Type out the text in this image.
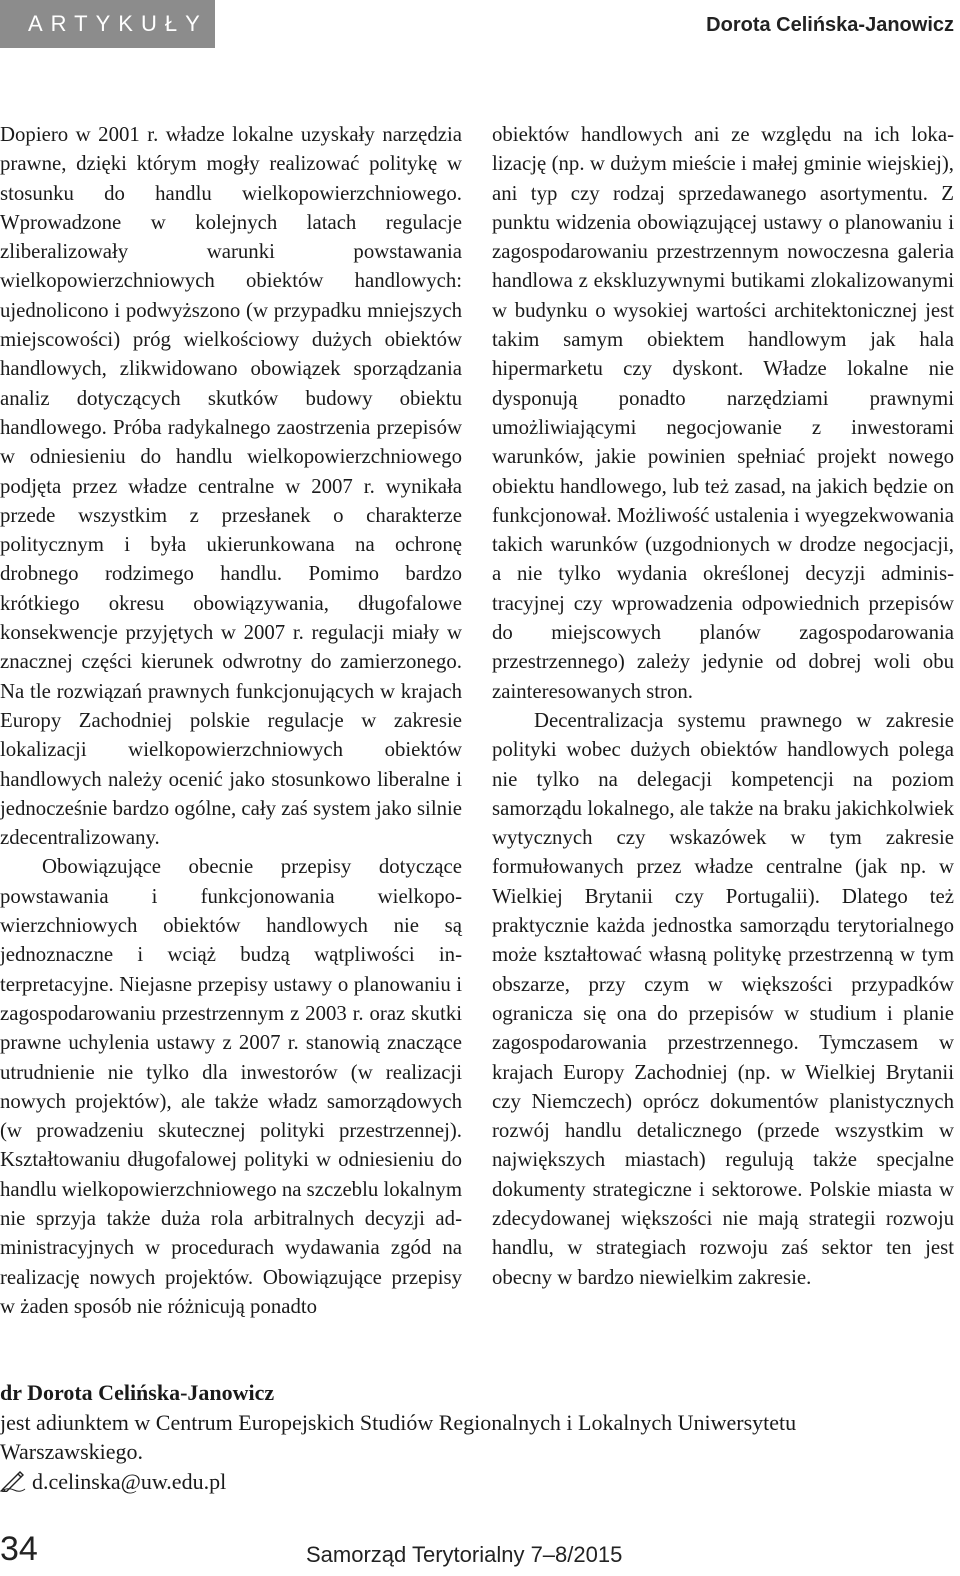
ARTYKUŁY	Dorota Celińska-Janowicz

Dopiero w 2001 r. władze lokalne uzyskały narzędzia prawne, dzięki którym mogły realizować politykę w stosunku do handlu wielkopowierzchniowego. Wprowadzone w kolejnych latach regulacje zliberalizowały warunki powstawania wielkopowierzchniowych obiektów handlowych: ujednolicono i podwyższono (w przypadku mniejszych miejscowości) próg wielkościowy dużych obiektów handlowych, zlikwidowano obowiązek sporządzania analiz dotyczących skutków budowy obiektu handlowego. Próba radykalnego zaostrzenia przepisów w odniesieniu do handlu wielkopowierzchniowego podjęta przez władze centralne w 2007 r. wynikała przede wszystkim z przesłanek o charakterze politycznym i była ukierunkowana na ochronę drobnego rodzimego handlu. Pomimo bardzo krótkiego okresu obowiązywania, długofalowe konsekwencje przyjętych w 2007 r. regulacji miały w znacznej części kierunek odwrotny do zamierzonego. Na tle rozwiązań prawnych funkcjonujących w krajach Europy Zachodniej polskie regulacje w zakresie lokalizacji wielkopowierzchniowych obiektów handlowych należy ocenić jako stosunkowo liberalne i jednocześnie bardzo ogólne, cały zaś system jako silnie zdecentralizowany.

Obowiązujące obecnie przepisy dotyczące powstawania i funkcjonowania wielkopowierzchniowych obiektów handlowych nie są jednoznaczne i wciąż budzą wątpliwości interpretacyjne. Niejasne przepisy ustawy o planowaniu i zagospodarowaniu przestrzennym z 2003 r. oraz skutki prawne uchylenia ustawy z 2007 r. stanowią znaczące utrudnienie nie tylko dla inwestorów (w realizacji nowych projektów), ale także władz samorządowych (w prowadzeniu skutecznej polityki przestrzennej). Kształtowaniu długofalowej polityki w odniesieniu do handlu wielkopowierzchniowego na szczeblu lokalnym nie sprzyja także duża rola arbitralnych decyzji administracyjnych w procedurach wydawania zgód na realizację nowych projektów. Obowiązujące przepisy w żaden sposób nie różnicują ponadto

obiektów handlowych ani ze względu na ich lokalizację (np. w dużym mieście i małej gminie wiejskiej), ani typ czy rodzaj sprzedawanego asortymentu. Z punktu widzenia obowiązującej ustawy o planowaniu i zagospodarowaniu przestrzennym nowoczesna galeria handlowa z ekskluzywnymi butikami zlokalizowanymi w budynku o wysokiej wartości architektonicznej jest takim samym obiektem handlowym jak hala hipermarketu czy dyskont. Władze lokalne nie dysponują ponadto narzędziami prawnymi umożliwiającymi negocjowanie z inwestorami warunków, jakie powinien spełniać projekt nowego obiektu handlowego, lub też zasad, na jakich będzie on funkcjonował. Możliwość ustalenia i wyegzekwowania takich warunków (uzgodnionych w drodze negocjacji, a nie tylko wydania określonej decyzji administracyjnej czy wprowadzenia odpowiednich przepisów do miejscowych planów zagospodarowania przestrzennego) zależy jedynie od dobrej woli obu zainteresowanych stron.

Decentralizacja systemu prawnego w zakresie polityki wobec dużych obiektów handlowych polega nie tylko na delegacji kompetencji na poziom samorządu lokalnego, ale także na braku jakichkolwiek wytycznych czy wskazówek w tym zakresie formułowanych przez władze centralne (jak np. w Wielkiej Brytanii czy Portugalii). Dlatego też praktycznie każda jednostka samorządu terytorialnego może kształtować własną politykę przestrzenną w tym obszarze, przy czym w większości przypadków ogranicza się ona do przepisów w studium i planie zagospodarowania przestrzennego. Tymczasem w krajach Europy Zachodniej (np. w Wielkiej Brytanii czy Niemczech) oprócz dokumentów planistycznych rozwój handlu detalicznego (przede wszystkim w największych miastach) regulują także specjalne dokumenty strategiczne i sektorowe. Polskie miasta w zdecydowanej większości nie mają strategii rozwoju handlu, w strategiach rozwoju zaś sektor ten jest obecny w bardzo niewielkim zakresie.

dr Dorota Celińska-Janowicz
jest adiunktem w Centrum Europejskich Studiów Regionalnych i Lokalnych Uniwersytetu Warszawskiego.
d.celinska@uw.edu.pl
34	Samorząd Terytorialny 7–8/2015
